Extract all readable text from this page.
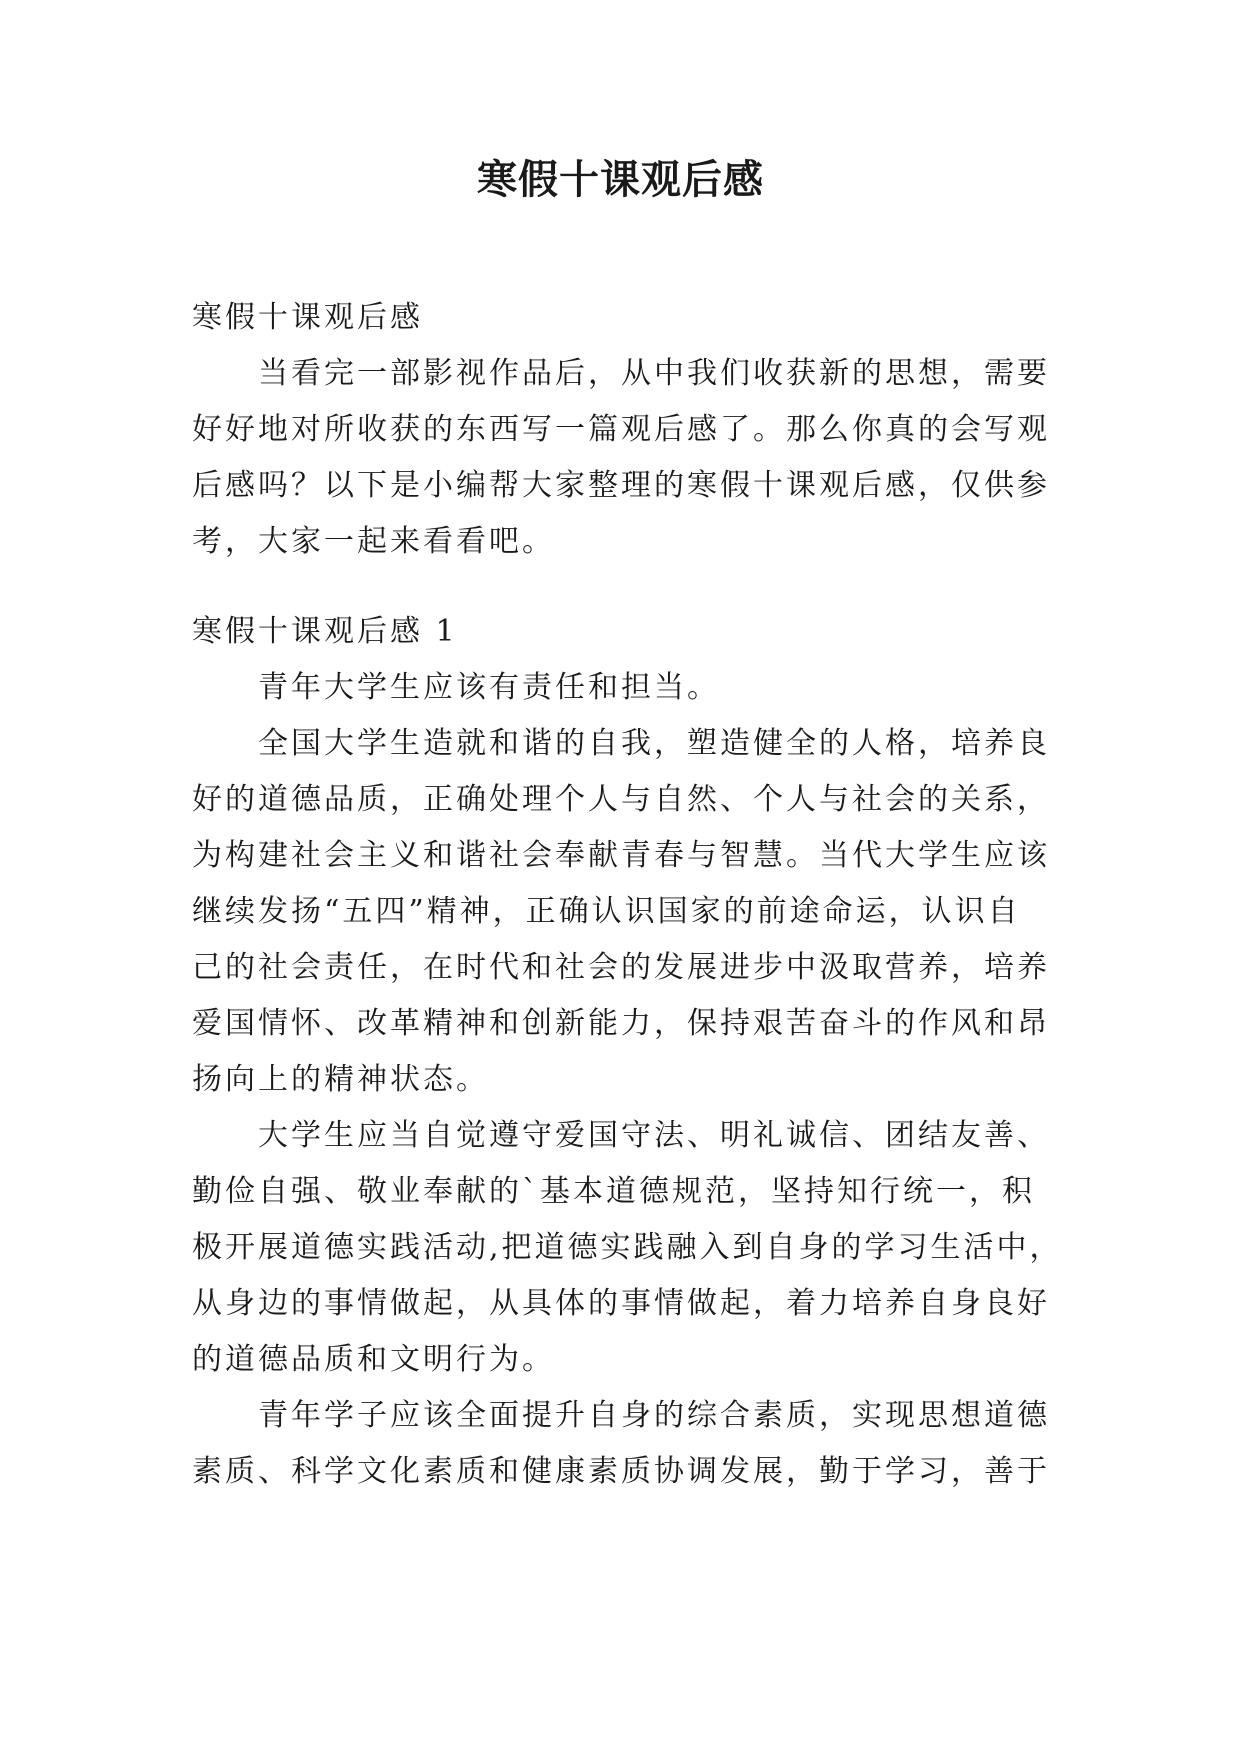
寒假十课观后感

寒假十课观后感

当看完一部影视作品后，从中我们收获新的思想，需要

好好地对所收获的东西写一篇观后感了。那么你真的会写观

后感吗？以下是小编帮大家整理的寒假十课观后感，仅供参

考，大家一起来看看吧。

寒假十课观后感 1

青年大学生应该有责任和担当。

全国大学生造就和谐的自我，塑造健全的人格，培养良

好的道德品质，正确处理个人与自然、个人与社会的关系，

为构建社会主义和谐社会奉献青春与智慧。当代大学生应该

继续发扬“五四”精神，正确认识国家的前途命运，认识自

己的社会责任，在时代和社会的发展进步中汲取营养，培养

爱国情怀、改革精神和创新能力，保持艰苦奋斗的作风和昂

扬向上的精神状态。

大学生应当自觉遵守爱国守法、明礼诚信、团结友善、

勤俭自强、敬业奉献的`基本道德规范，坚持知行统一，积

极开展道德实践活动,把道德实践融入到自身的学习生活中，

从身边的事情做起，从具体的事情做起，着力培养自身良好

的道德品质和文明行为。

青年学子应该全面提升自身的综合素质，实现思想道德

素质、科学文化素质和健康素质协调发展，勤于学习，善于
